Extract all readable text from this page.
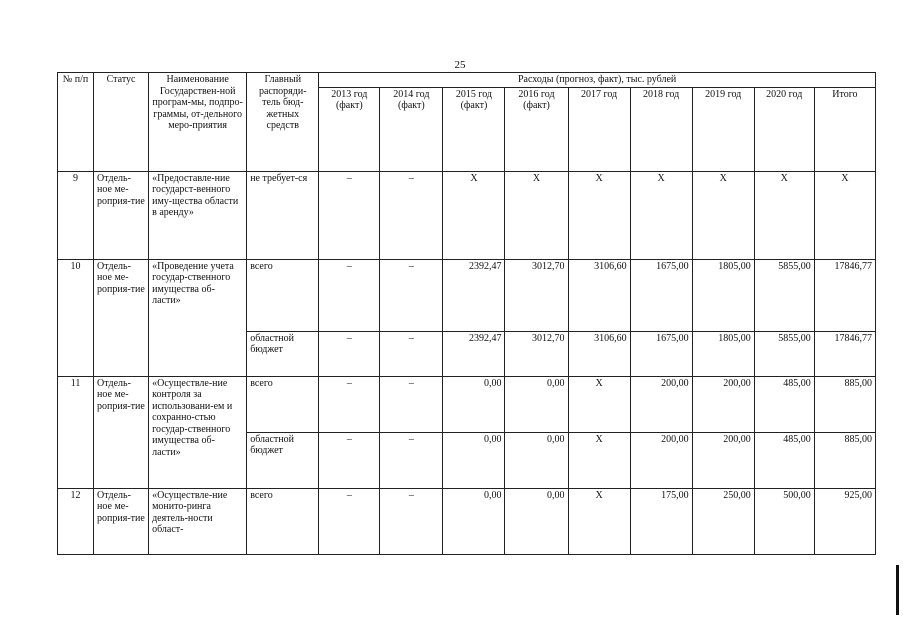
25
№ п/п	Статус	Наименование Государствен-ной програм-мы, подпро-граммы, от-дельного меро-приятия	Главный распоряди-тель бюд-жетных средств	Расходы (прогноз, факт), тыс. рублей								
				2013 год (факт)	2014 год (факт)	2015 год (факт)	2016 год (факт)	2017 год	2018 год	2019 год	2020 год	Итого
9	Отдель-ное ме-роприя-тие	«Предоставле-ние государст-венного иму-щества области в аренду»	не требует-ся	–	–	X	X	X	X	X	X	X
10	Отдель-ное ме-роприя-тие	«Проведение учета государ-ственного имущества об-ласти»	всего	–	–	2392,47	3012,70	3106,60	1675,00	1805,00	5855,00	17846,77
			областной бюджет	–	–	2392,47	3012,70	3106,60	1675,00	1805,00	5855,00	17846,77
11	Отдель-ное ме-роприя-тие	«Осуществле-ние контроля за использовани-ем и сохранно-стью государ-ственного имущества об-ласти»	всего	–	–	0,00	0,00	X	200,00	200,00	485,00	885,00
			областной бюджет	–	–	0,00	0,00	X	200,00	200,00	485,00	885,00
12	Отдель-ное ме-роприя-тие	«Осуществле-ние монито-ринга деятель-ности област-	всего	–	–	0,00	0,00	X	175,00	250,00	500,00	925,00
